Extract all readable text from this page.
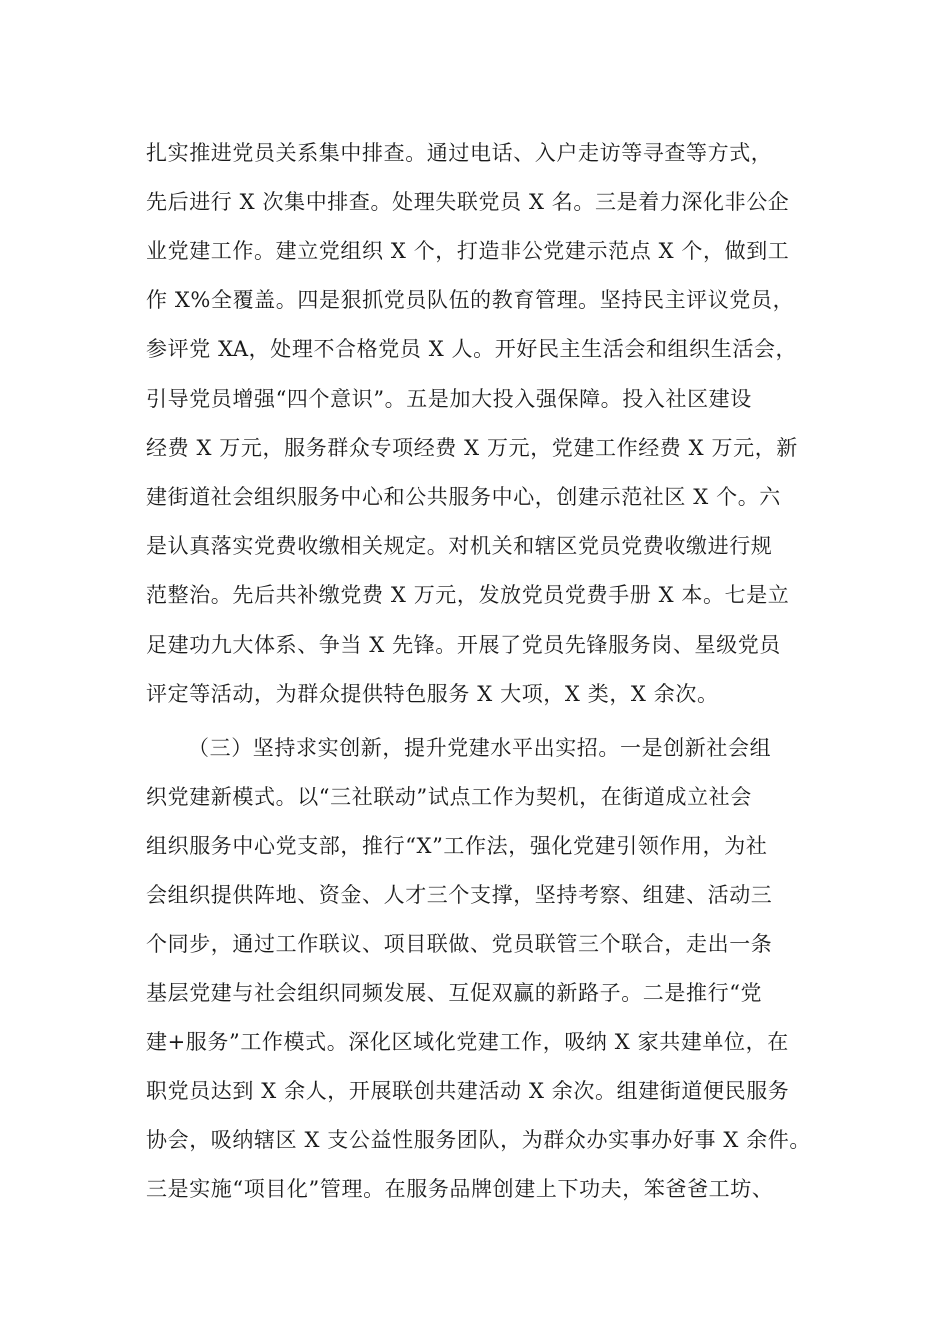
扎实推进党员关系集中排查。通过电话、入户走访等寻查等方式，
先后进行 X 次集中排查。处理失联党员 X 名。三是着力深化非公企
业党建工作。建立党组织 X 个，打造非公党建示范点 X 个，做到工
作 X%全覆盖。四是狠抓党员队伍的教育管理。坚持民主评议党员，
参评党 XA，处理不合格党员 X 人。开好民主生活会和组织生活会，
引导党员增强“四个意识”。五是加大投入强保障。投入社区建设
经费 X 万元，服务群众专项经费 X 万元，党建工作经费 X 万元，新
建街道社会组织服务中心和公共服务中心，创建示范社区 X 个。六
是认真落实党费收缴相关规定。对机关和辖区党员党费收缴进行规
范整治。先后共补缴党费 X 万元，发放党员党费手册 X 本。七是立
足建功九大体系、争当 X 先锋。开展了党员先锋服务岗、星级党员
评定等活动，为群众提供特色服务 X 大项，X 类，X 余次。
（三）坚持求实创新，提升党建水平出实招。一是创新社会组
织党建新模式。以“三社联动”试点工作为契机，在街道成立社会
组织服务中心党支部，推行“X”工作法，强化党建引领作用，为社
会组织提供阵地、资金、人才三个支撑，坚持考察、组建、活动三
个同步，通过工作联议、项目联做、党员联管三个联合，走出一条
基层党建与社会组织同频发展、互促双赢的新路子。二是推行“党
建+服务”工作模式。深化区域化党建工作，吸纳 X 家共建单位，在
职党员达到 X 余人，开展联创共建活动 X 余次。组建街道便民服务
协会，吸纳辖区 X 支公益性服务团队，为群众办实事办好事 X 余件。
三是实施“项目化”管理。在服务品牌创建上下功夫，笨爸爸工坊、
